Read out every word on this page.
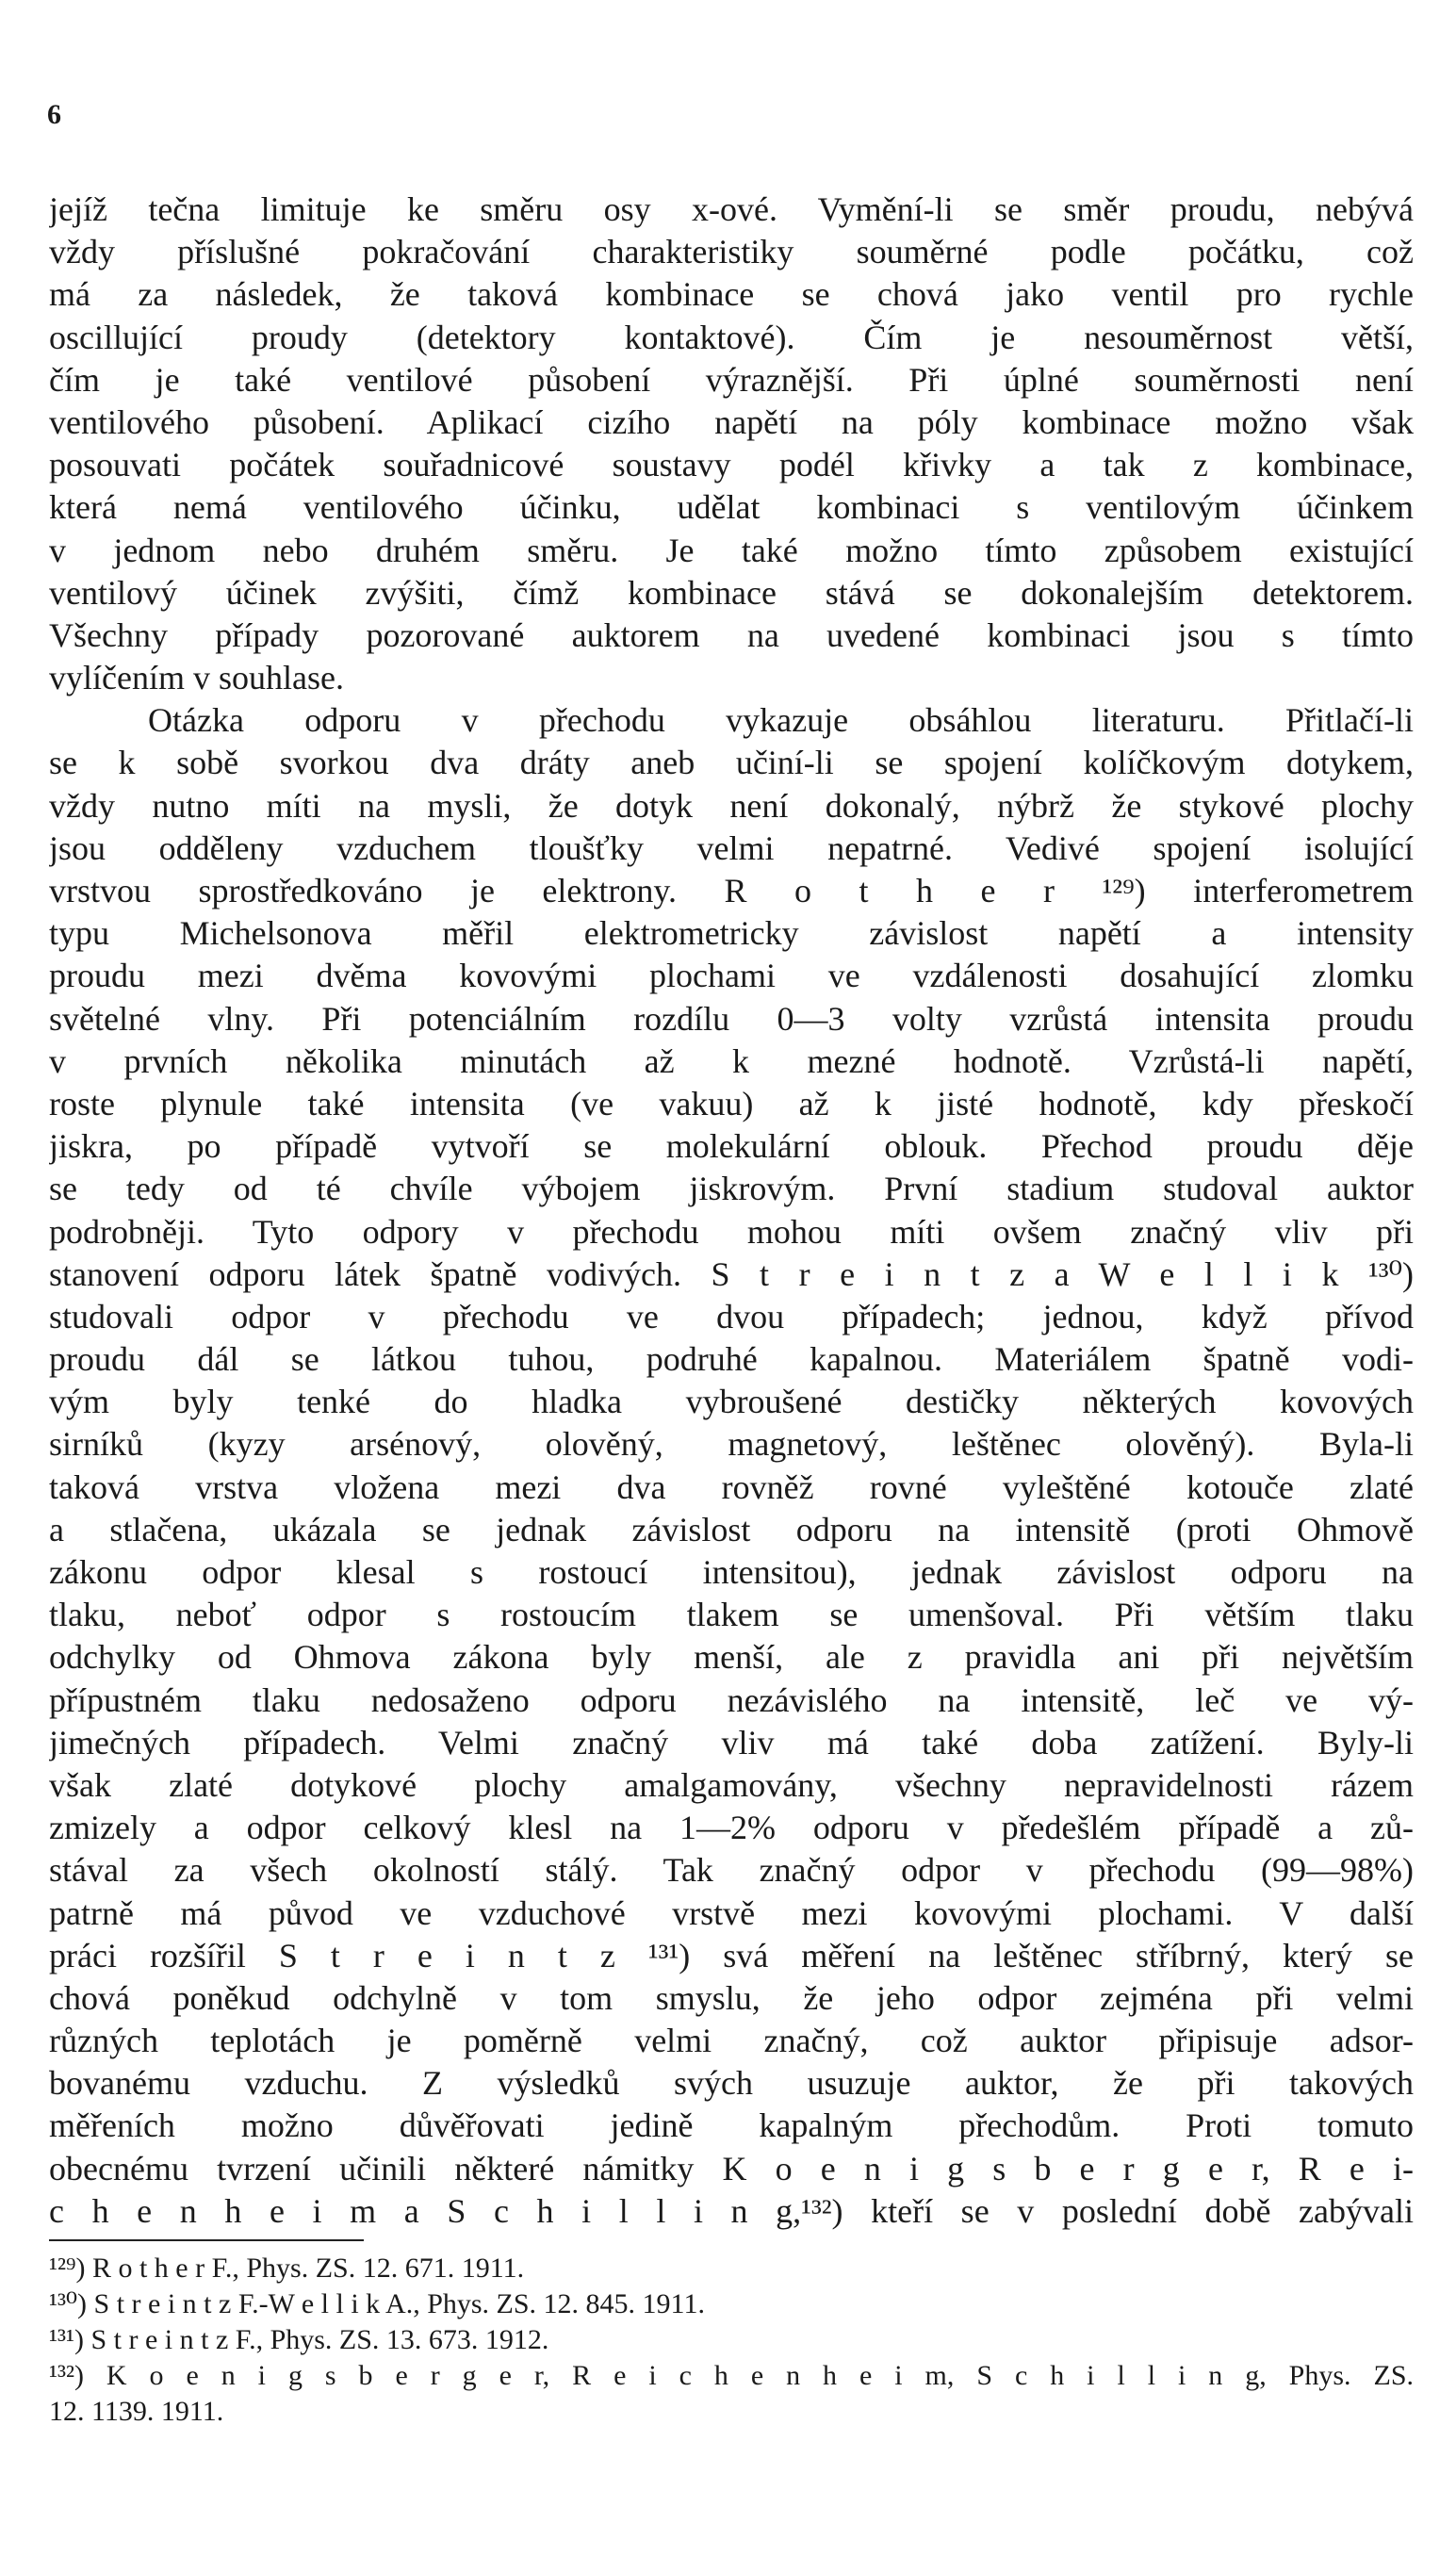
6
jejíž tečna limituje ke směru osy x-ové. Vymění-li se směr proudu, nebývá
vždy příslušné pokračování charakteristiky souměrné podle počátku, což
má za následek, že taková kombinace se chová jako ventil pro rychle
oscillující proudy (detektory kontaktové). Čím je nesouměrnost větší,
čím je také ventilové působení výraznější. Při úplné souměrnosti není
ventilového působení. Aplikací cizího napětí na póly kombinace možno však
posouvati počátek souřadnicové soustavy podél křivky a tak z kombinace,
která nemá ventilového účinku, udělat kombinaci s ventilovým účinkem
v jednom nebo druhém směru. Je také možno tímto způsobem existující
ventilový účinek zvýšiti, čímž kombinace stává se dokonalejším detektorem.
Všechny případy pozorované auktorem na uvedené kombinaci jsou s tímto
vylíčením v souhlase.
Otázka odporu v přechodu vykazuje obsáhlou literaturu. Přitlačí-li
se k sobě svorkou dva dráty aneb učiní-li se spojení kolíčkovým dotykem,
vždy nutno míti na mysli, že dotyk není dokonalý, nýbrž že stykové plochy
jsou odděleny vzduchem tloušťky velmi nepatrné. Vedivé spojení isolující
vrstvou sprostředkováno je elektrony. R o t h e r ¹²⁹) interferometrem
typu Michelsonova měřil elektrometricky závislost napětí a intensity
proudu mezi dvěma kovovými plochami ve vzdálenosti dosahující zlomku
světelné vlny. Při potenciálním rozdílu 0—3 volty vzrůstá intensita proudu
v prvních několika minutách až k mezné hodnotě. Vzrůstá-li napětí,
roste plynule také intensita (ve vakuu) až k jisté hodnotě, kdy přeskočí
jiskra, po případě vytvoří se molekulární oblouk. Přechod proudu děje
se tedy od té chvíle výbojem jiskrovým. První stadium studoval auktor
podrobněji. Tyto odpory v přechodu mohou míti ovšem značný vliv při
stanovení odporu látek špatně vodivých. S t r e i n t z a W e l l i k ¹³⁰)
studovali odpor v přechodu ve dvou případech; jednou, když přívod
proudu dál se látkou tuhou, podruhé kapalnou. Materiálem špatně vodi-
vým byly tenké do hladka vybroušené destičky některých kovových
sirníků (kyzy arsénový, olověný, magnetový, leštěnec olověný). Byla-li
taková vrstva vložena mezi dva rovněž rovné vyleštěné kotouče zlaté
a stlačena, ukázala se jednak závislost odporu na intensitě (proti Ohmově
zákonu odpor klesal s rostoucí intensitou), jednak závislost odporu na
tlaku, neboť odpor s rostoucím tlakem se umenšoval. Při větším tlaku
odchylky od Ohmova zákona byly menší, ale z pravidla ani při největším
přípustném tlaku nedosaženo odporu nezávislého na intensitě, leč ve vý-
jimečných případech. Velmi značný vliv má také doba zatížení. Byly-li
však zlaté dotykové plochy amalgamovány, všechny nepravidelnosti rázem
zmizely a odpor celkový klesl na 1—2% odporu v předešlém případě a zů-
stával za všech okolností stálý. Tak značný odpor v přechodu (99—98%)
patrně má původ ve vzduchové vrstvě mezi kovovými plochami. V další
práci rozšířil S t r e i n t z ¹³¹) svá měření na leštěnec stříbrný, který se
chová poněkud odchylně v tom smyslu, že jeho odpor zejména při velmi
různých teplotách je poměrně velmi značný, což auktor připisuje adsor-
bovanému vzduchu. Z výsledků svých usuzuje auktor, že při takových
měřeních možno důvěřovati jedině kapalným přechodům. Proti tomuto
obecnému tvrzení učinili některé námitky K o e n i g s b e r g e r, R e i-
c h e n h e i m a S c h i l l i n g,¹³²) kteří se v poslední době zabývali
¹²⁹) R o t h e r F., Phys. ZS. 12. 671. 1911.
¹³⁰) S t r e i n t z F.-W e l l i k A., Phys. ZS. 12. 845. 1911.
¹³¹) S t r e i n t z F., Phys. ZS. 13. 673. 1912.
¹³²) K o e n i g s b e r g e r, R e i c h e n h e i m, S c h i l l i n g, Phys. ZS.
12. 1139. 1911.
